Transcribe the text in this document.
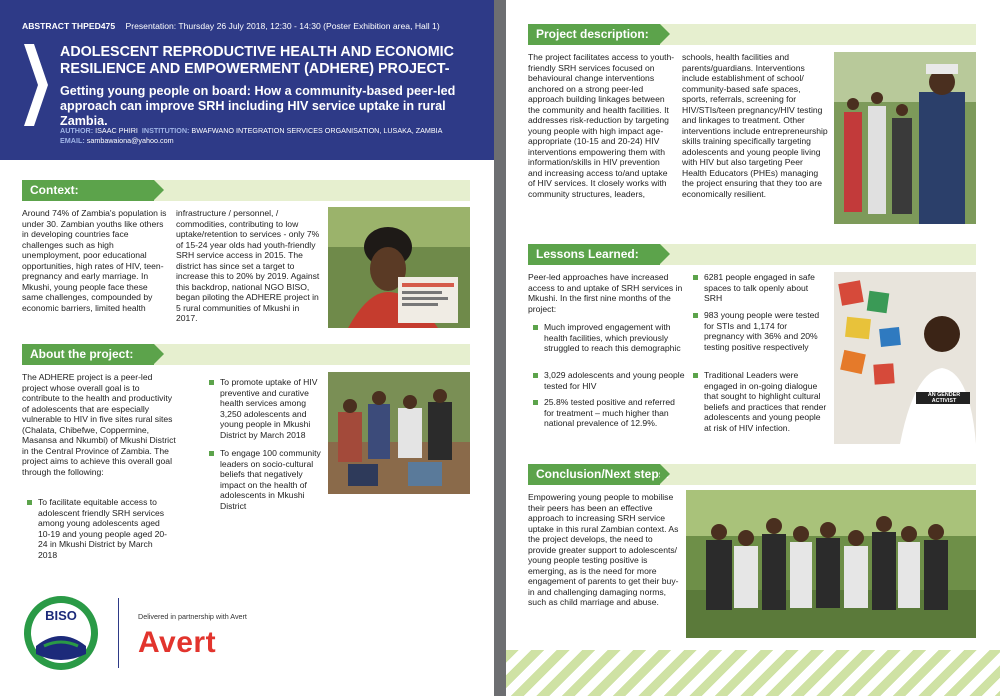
ABSTRACT THPED475 Presentation: Thursday 26 July 2018, 12:30 - 14:30 (Poster Exhibition area, Hall 1)
ADOLESCENT REPRODUCTIVE HEALTH AND ECONOMIC RESILIENCE AND EMPOWERMENT (ADHERE) PROJECT-
Getting young people on board: How a community-based peer-led approach can improve SRH including HIV service uptake in rural Zambia.
AUTHOR: ISAAC PHIRI INSTITUTION: BWAFWANO INTEGRATION SERVICES ORGANISATION, LUSAKA, ZAMBIA
EMAIL: sambawaiona@yahoo.com
Context:
Around 74% of Zambia's population is under 30. Zambian youths like others in developing countries face challenges such as high unemployment, poor educational opportunities, high rates of HIV, teen-pregnancy and early marriage. In Mkushi, young people face these same challenges, compounded by economic barriers, limited health
infrastructure / personnel, / commodities, contributing to low uptake/retention to services - only 7% of 15-24 year olds had youth-friendly SRH service access in 2015. The district has since set a target to increase this to 20% by 2019. Against this backdrop, national NGO BISO, began piloting the ADHERE project in 5 rural communities of Mkushi in 2017.
About the project:
The ADHERE project is a peer-led project whose overall goal is to contribute to the health and productivity of adolescents that are especially vulnerable to HIV in five sites rural sites (Chalata, Chibefwe, Coppermine, Masansa and Nkumbi) of Mkushi District in the Central Province of Zambia. The project aims to achieve this overall goal through the following:
To facilitate equitable access to adolescent friendly SRH services among young adolescents aged 10-19 and young people aged 20-24 in Mkushi District by March 2018
To promote uptake of HIV preventive and curative health services among 3,250 adolescents and young people in Mkushi District by March 2018
To engage 100 community leaders on socio-cultural beliefs that negatively impact on the health of adolescents in Mkushi District
BISO	Delivered in partnership with Avert
Avert
Project description:
The project facilitates access to youth-friendly SRH services focused on behavioural change interventions anchored on a strong peer-led approach building linkages between the community and health facilities. It addresses risk-reduction by targeting young people with high impact age-appropriate (10-15 and 20-24) HIV interventions empowering them with information/skills in HIV prevention and increasing access to/and uptake of HIV services. It closely works with community structures, leaders,
schools, health facilities and parents/guardians. Interventions include establishment of school/ community-based safe spaces, sports, referrals, screening for HIV/STIs/teen pregnancy/HIV testing and linkages to treatment. Other interventions include entrepreneurship skills training specifically targeting adolescents and young people living with HIV but also targeting Peer Health Educators (PHEs) managing the project ensuring that they too are economically resilient.
Lessons Learned:
Peer-led approaches have increased access to and uptake of SRH services in Mkushi. In the first nine months of the project:
Much improved engagement with health facilities, which previously struggled to reach this demographic
3,029 adolescents and young people tested for HIV
25.8% tested positive and referred for treatment – much higher than national prevalence of 12.9%.
6281 people engaged in safe spaces to talk openly about SRH
983 young people were tested for STIs and 1,174 for pregnancy with 36% and 20% testing positive respectively
Traditional Leaders were engaged in on-going dialogue that sought to highlight cultural beliefs and practices that render adolescents and young people at risk of HIV infection.
AN GENDER ACTIVIST
Conclusion/Next steps:
Empowering young people to mobilise their peers has been an effective approach to increasing SRH service uptake in this rural Zambian context. As the project develops, the need to provide greater support to adolescents/ young people testing positive is emerging, as is the need for more engagement of parents to get their buy-in and challenging damaging norms, such as child marriage and abuse.
